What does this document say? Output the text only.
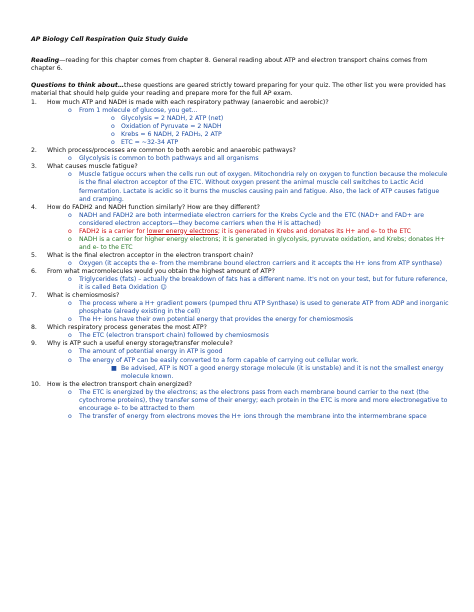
AP Biology Cell Respiration Quiz Study Guide
Reading—reading for this chapter comes from chapter 8. General reading about ATP and electron transport chains comes from chapter 6.
Questions to think about…these questions are geared strictly toward preparing for your quiz. The other list you were provided has material that should help guide your reading and prepare more for the full AP exam.
1. How much ATP and NADH is made with each respiratory pathway (anaerobic and aerobic)?
o From 1 molecule of glucose, you get…
o Glycolysis = 2 NADH, 2 ATP (net)
o Oxidation of Pyruvate = 2 NADH
o Krebs = 6 NADH, 2 FADH₂, 2 ATP
o ETC = ~32-34 ATP
2. Which process/processes are common to both aerobic and anaerobic pathways?
o Glycolysis is common to both pathways and all organisms
3. What causes muscle fatigue?
o Muscle fatigue occurs when the cells run out of oxygen. Mitochondria rely on oxygen to function because the molecule is the final electron acceptor of the ETC. Without oxygen present the animal muscle cell switches to Lactic Acid fermentation. Lactate is acidic so it burns the muscles causing pain and fatigue. Also, the lack of ATP causes fatigue and cramping.
4. How do FADH2 and NADH function similarly? How are they different?
o NADH and FADH2 are both intermediate electron carriers for the Krebs Cycle and the ETC (NAD+ and FAD+ are considered electron acceptors—they become carriers when the H is attached)
o FADH2 is a carrier for lower energy electrons; it is generated in Krebs and donates its H+ and e- to the ETC
o NADH is a carrier for higher energy electrons; it is generated in glycolysis, pyruvate oxidation, and Krebs; donates H+ and e- to the ETC
5. What is the final electron acceptor in the electron transport chain?
o Oxygen (it accepts the e- from the membrane bound electron carriers and it accepts the H+ ions from ATP synthase)
6. From what macromolecules would you obtain the highest amount of ATP?
o Triglycerides (fats) – actually the breakdown of fats has a different name. It's not on your test, but for future reference, it is called Beta Oxidation ☺
7. What is chemiosmosis?
o The process where a H+ gradient powers (pumped thru ATP Synthase) is used to generate ATP from ADP and inorganic phosphate (already existing in the cell)
o The H+ ions have their own potential energy that provides the energy for chemiosmosis
8. Which respiratory process generates the most ATP?
o The ETC (electron transport chain) followed by chemiosmosis
9. Why is ATP such a useful energy storage/transfer molecule?
o The amount of potential energy in ATP is good
o The energy of ATP can be easily converted to a form capable of carrying out cellular work.
■ Be advised, ATP is NOT a good energy storage molecule (it is unstable) and it is not the smallest energy molecule known.
10. How is the electron transport chain energized?
o The ETC is energized by the electrons; as the electrons pass from each membrane bound carrier to the next (the cytochrome proteins), they transfer some of their energy; each protein in the ETC is more and more electronegative to encourage e- to be attracted to them
o The transfer of energy from electrons moves the H+ ions through the membrane into the intermembrane space
